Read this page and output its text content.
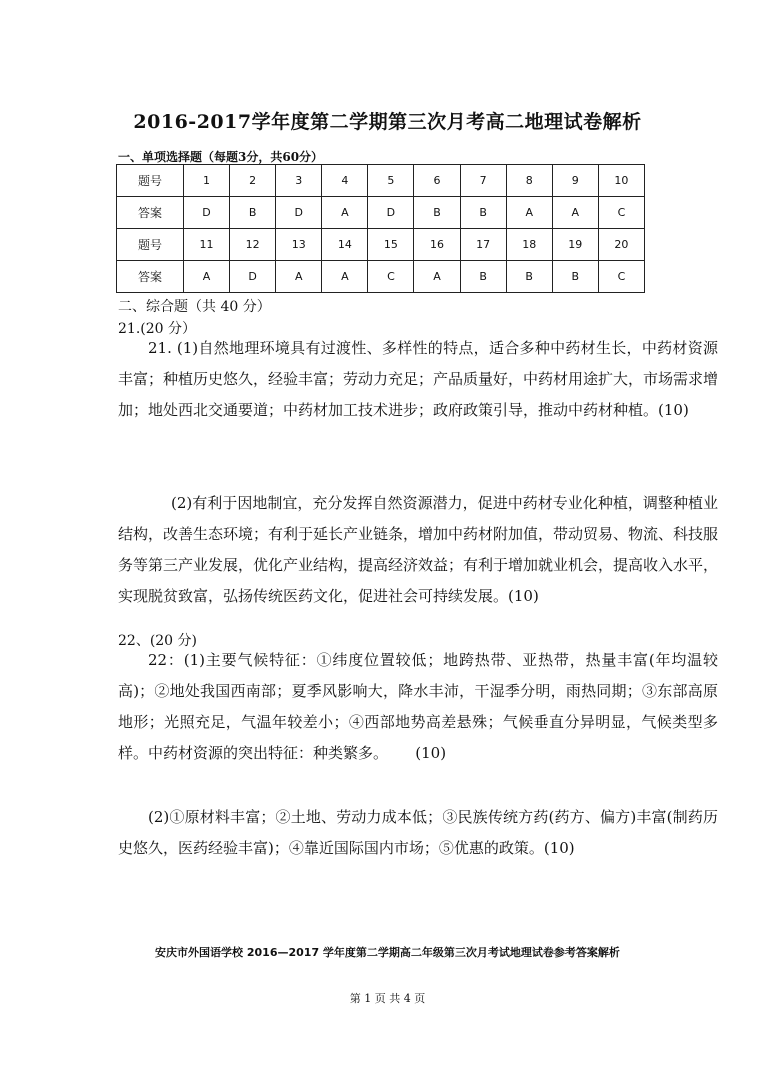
2016-2017学年度第二学期第三次月考高二地理试卷解析
一、单项选择题（每题3分，共60分）
题号	1	2	3	4	5	6	7	8	9	10
答案	D	B	D	A	D	B	B	A	A	C
题号	11	12	13	14	15	16	17	18	19	20
答案	A	D	A	A	C	A	B	B	B	C
二、综合题（共 40 分）
21.(20 分）
21. (1)自然地理环境具有过渡性、多样性的特点，适合多种中药材生长，中药材资源丰富；种植历史悠久，经验丰富；劳动力充足；产品质量好，中药材用途扩大，市场需求增加；地处西北交通要道；中药材加工技术进步；政府政策引导，推动中药材种植。(10)
(2)有利于因地制宜，充分发挥自然资源潜力，促进中药材专业化种植，调整种植业结构，改善生态环境；有利于延长产业链条，增加中药材附加值，带动贸易、物流、科技服务等第三产业发展，优化产业结构，提高经济效益；有利于增加就业机会，提高收入水平，实现脱贫致富，弘扬传统医药文化，促进社会可持续发展。(10)
22、(20 分)
22：(1)主要气候特征：①纬度位置较低；地跨热带、亚热带，热量丰富(年均温较高)；②地处我国西南部；夏季风影响大，降水丰沛，干湿季分明，雨热同期；③东部高原地形；光照充足，气温年较差小；④西部地势高差悬殊；气候垂直分异明显，气候类型多样。中药材资源的突出特征：种类繁多。　　 (10)
(2)①原材料丰富；②土地、劳动力成本低；③民族传统方药(药方、偏方)丰富(制药历史悠久，医药经验丰富)；④靠近国际国内市场；⑤优惠的政策。(10)
安庆市外国语学校 2016—2017 学年度第二学期高二年级第三次月考试地理试卷参考答案解析
第 1 页 共 4 页
